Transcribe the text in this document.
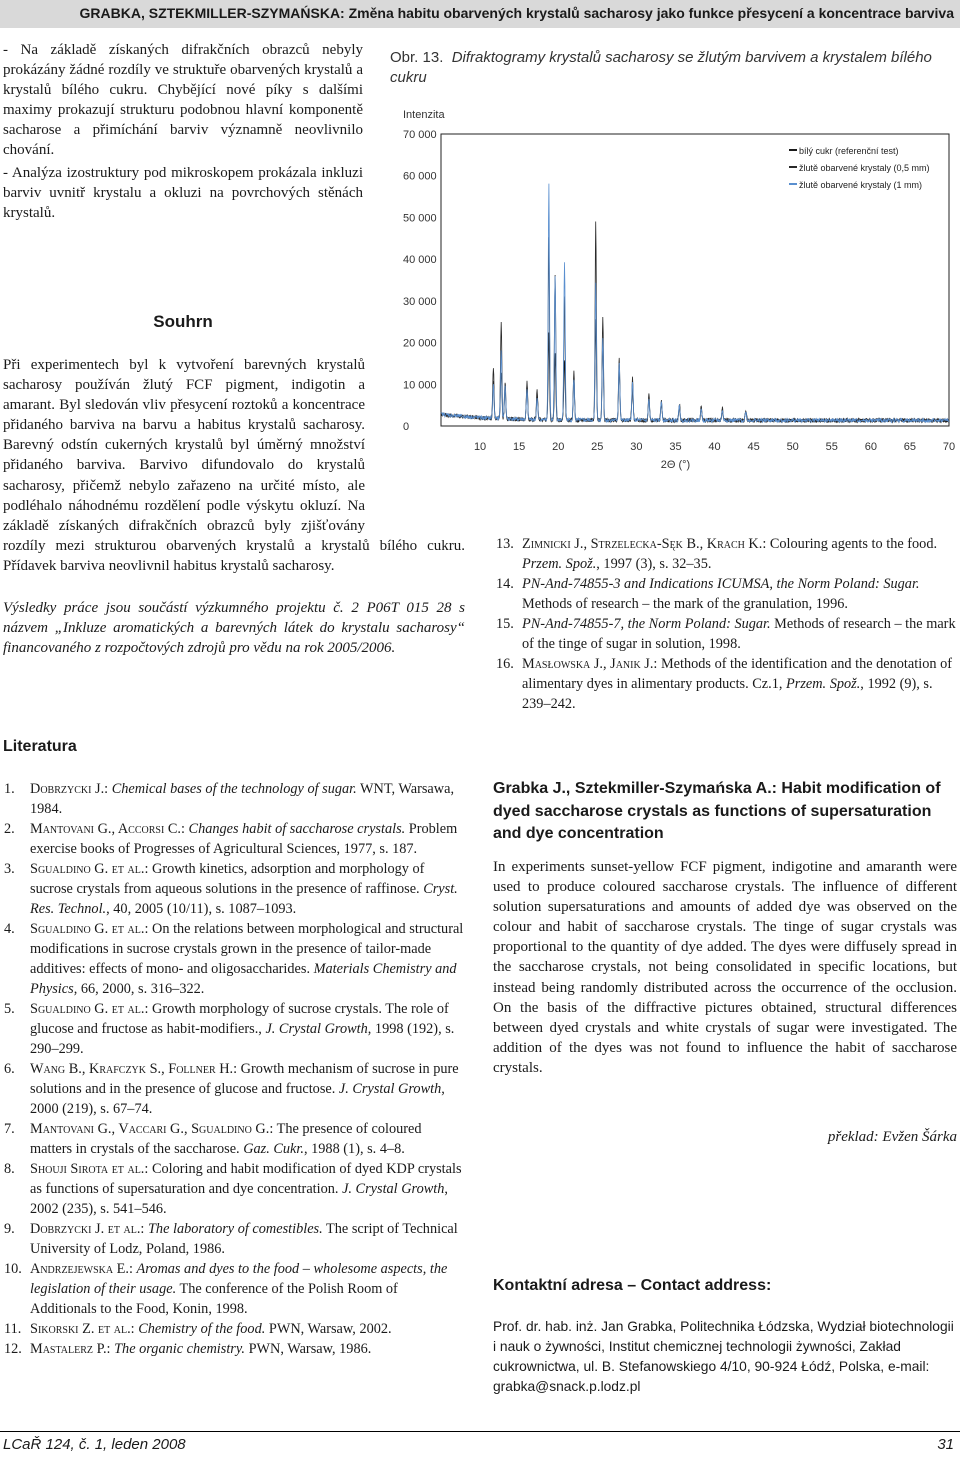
GRABKA, SZTEKMILLER-SZYMAŃSKA: Změna habitu obarvených krystalů sacharosy jako funkce přesycení a koncentrace barviva

- Na základě získaných difrakčních obrazců nebyly prokázány žádné rozdíly ve struktuře obarvených krystalů a krystalů bílého cukru. Chybějící nové píky s dalšími maximy prokazují strukturu podobnou hlavní komponentě sacharose a přimíchání barviv významně neovlivnilo chování.

- Analýza izostruktury pod mikroskopem prokázala inkluzi barviv uvnitř krystalu a okluzi na povrchových stěnách krystalů.

Souhrn

Při experimentech byl k vytvoření barevných krystalů sacharosy používán žlutý FCF pigment, indigotin a amarant. Byl sledován vliv přesycení roztoků a koncentrace přidaného barviva na barvu a habitus krystalů sacharosy. Barevný odstín cukerných krystalů byl úměrný množství přidaného barviva. Barvivo difundovalo do krystalů sacharosy, přičemž nebylo zařazeno na určité místo, ale podléhalo náhodnému rozdělení podle výskytu okluzí. Na základě získaných difrakčních obrazců byly zjišťovány rozdíly mezi strukturou obarvených krystalů a krystalů bílého cukru. Přídavek barviva neovlivnil habitus krystalů sacharosy.

Výsledky práce jsou součástí výzkumného projektu č. 2 P06T 015 28 s názvem „Inkluze aromatických a barevných látek do krystalu sacharosy“ financovaného z rozpočtových zdrojů pro vědu na rok 2005/2006.

Obr. 13. Difraktogramy krystalů sacharosy se žlutým barvivem a krystalem bílého cukru
Intenzita
70 000
60 000
50 000
40 000
30 000
20 000
10 000
0
10 15 20 25 30 35 40 45 50 55 60 65 70
2Θ (°)
bílý cukr (referenční test)
žlutě obarvené krystaly (0,5 mm)
žlutě obarvené krystaly (1 mm)
Literatura
1. Dobrzycki J.: Chemical bases of the technology of sugar. WNT, Warsawa, 1984.
2. Mantovani G., Accorsi C.: Changes habit of saccharose crystals. Problem exercise books of Progresses of Agricultural Sciences, 1977, s. 187.
3. Sgualdino G. et al.: Growth kinetics, adsorption and morphology of sucrose crystals from aqueous solutions in the presence of raffinose. Cryst. Res. Technol., 40, 2005 (10/11), s. 1087–1093.
4. Sgualdino G. et al.: On the relations between morphological and structural modifications in sucrose crystals grown in the presence of tailor-made additives: effects of mono- and oligosaccharides. Materials Chemistry and Physics, 66, 2000, s. 316–322.
5. Sgualdino G. et al.: Growth morphology of sucrose crystals. The role of glucose and fructose as habit-modifiers., J. Crystal Growth, 1998 (192), s. 290–299.
6. Wang B., Krafczyk S., Follner H.: Growth mechanism of sucrose in pure solutions and in the presence of glucose and fructose. J. Crystal Growth, 2000 (219), s. 67–74.
7. Mantovani G., Vaccari G., Sgualdino G.: The presence of coloured matters in crystals of the saccharose. Gaz. Cukr., 1988 (1), s. 4–8.
8. Shouji Sirota et al.: Coloring and habit modification of dyed KDP crystals as functions of supersaturation and dye concentration. J. Crystal Growth, 2002 (235), s. 541–546.
9. Dobrzycki J. et al.: The laboratory of comestibles. The script of Technical University of Lodz, Poland, 1986.
10. Andrzejewska E.: Aromas and dyes to the food – wholesome aspects, the legislation of their usage. The conference of the Polish Room of Additionals to the Food, Konin, 1998.
11. Sikorski Z. et al.: Chemistry of the food. PWN, Warsaw, 2002.
12. Mastalerz P.: The organic chemistry. PWN, Warsaw, 1986.
13. Zimnicki J., Strzelecka-Sęk B., Krach K.: Colouring agents to the food. Przem. Spož., 1997 (3), s. 32–35.
14. PN-And-74855-3 and Indications ICUMSA, the Norm Poland: Sugar. Methods of research – the mark of the granulation, 1996.
15. PN-And-74855-7, the Norm Poland: Sugar. Methods of research – the mark of the tinge of sugar in solution, 1998.
16. Masłowska J., Janik J.: Methods of the identification and the denotation of alimentary dyes in alimentary products. Cz.1, Przem. Spož., 1992 (9), s. 239–242.
Grabka J., Sztekmiller-Szymańska A.: Habit modification of dyed saccharose crystals as functions of supersaturation and dye concentration
In experiments sunset-yellow FCF pigment, indigotine and amaranth were used to produce coloured saccharose crystals. The influence of different solution supersaturations and amounts of added dye was observed on the colour and habit of saccharose crystals. The tinge of sugar crystals was proportional to the quantity of dye added. The dyes were diffusely spread in the saccharose crystals, not being consolidated in specific locations, but instead being randomly distributed across the occurrence of the occlusion. On the basis of the diffractive pictures obtained, structural differences between dyed crystals and white crystals of sugar were investigated. The addition of the dyes was not found to influence the habit of saccharose crystals.
překlad: Evžen Šárka
Kontaktní adresa – Contact address:
Prof. dr. hab. inż. Jan Grabka, Politechnika Łódzska, Wydział biotechnologii i nauk o żywności, Institut chemicznej technologii żywności, Zakład cukrownictwa, ul. B. Stefanowskiego 4/10, 90-924 Łódź, Polska, e-mail: grabka@snack.p.lodz.pl
LCaŘ 124, č. 1, leden 2008	31
